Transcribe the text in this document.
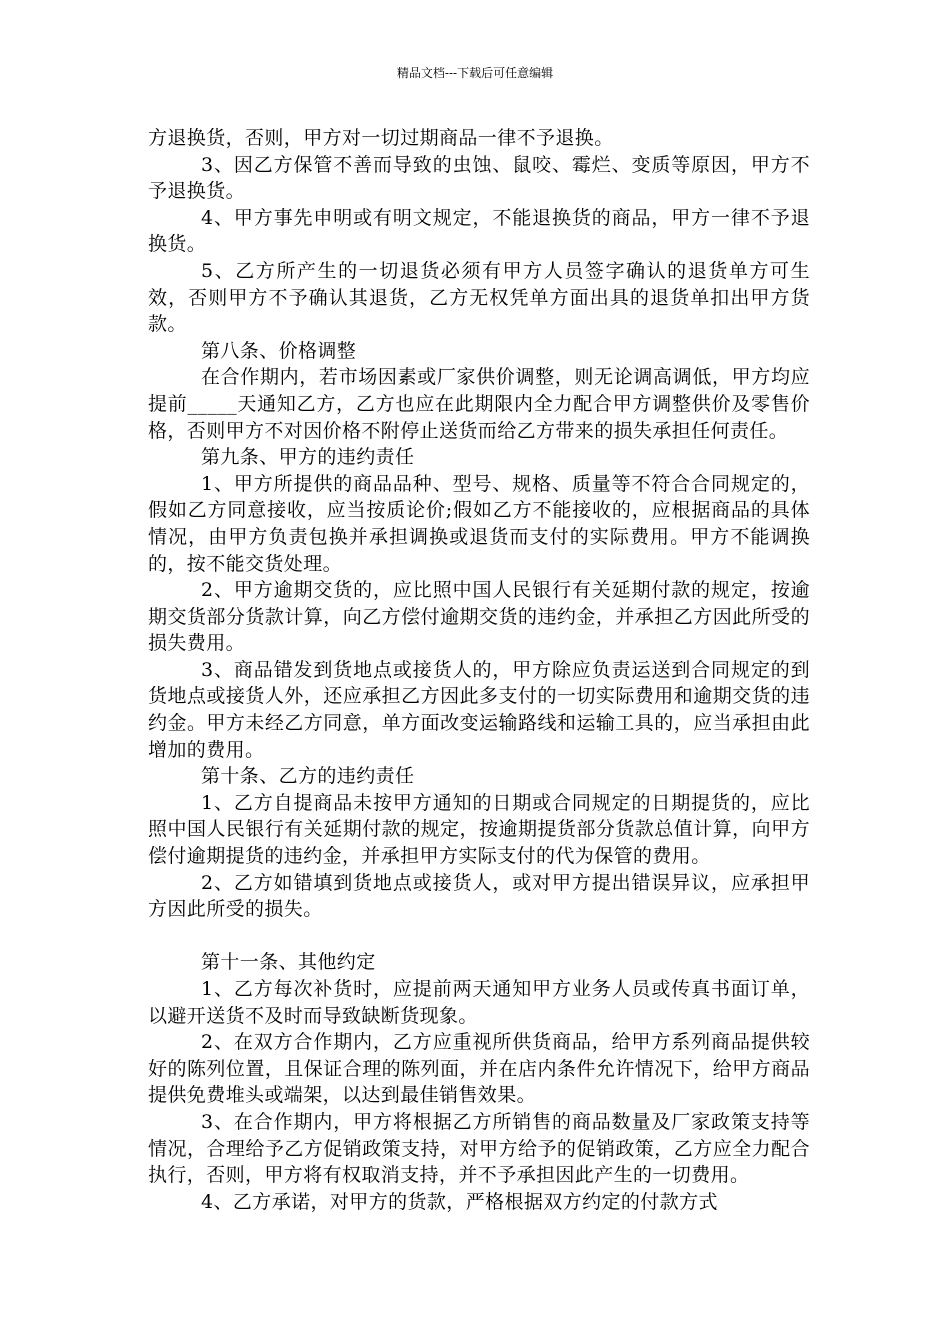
精品文档---下载后可任意编辑

方退换货，否则，甲方对一切过期商品一律不予退换。

3、因乙方保管不善而导致的虫蚀、鼠咬、霉烂、变质等原因，甲方不予退换货。

4、甲方事先申明或有明文规定，不能退换货的商品，甲方一律不予退换货。

5、乙方所产生的一切退货必须有甲方人员签字确认的退货单方可生效，否则甲方不予确认其退货，乙方无权凭单方面出具的退货单扣出甲方货款。

第八条、价格调整

在合作期内，若市场因素或厂家供价调整，则无论调高调低，甲方均应提前_____天通知乙方，乙方也应在此期限内全力配合甲方调整供价及零售价格，否则甲方不对因价格不附停止送货而给乙方带来的损失承担任何责任。

第九条、甲方的违约责任

1、甲方所提供的商品品种、型号、规格、质量等不符合合同规定的，假如乙方同意接收，应当按质论价;假如乙方不能接收的，应根据商品的具体情况，由甲方负责包换并承担调换或退货而支付的实际费用。甲方不能调换的，按不能交货处理。

2、甲方逾期交货的，应比照中国人民银行有关延期付款的规定，按逾期交货部分货款计算，向乙方偿付逾期交货的违约金，并承担乙方因此所受的损失费用。

3、商品错发到货地点或接货人的，甲方除应负责运送到合同规定的到货地点或接货人外，还应承担乙方因此多支付的一切实际费用和逾期交货的违约金。甲方未经乙方同意，单方面改变运输路线和运输工具的，应当承担由此增加的费用。

第十条、乙方的违约责任

1、乙方自提商品未按甲方通知的日期或合同规定的日期提货的，应比照中国人民银行有关延期付款的规定，按逾期提货部分货款总值计算，向甲方偿付逾期提货的违约金，并承担甲方实际支付的代为保管的费用。

2、乙方如错填到货地点或接货人，或对甲方提出错误异议，应承担甲方因此所受的损失。

第十一条、其他约定

1、乙方每次补货时，应提前两天通知甲方业务人员或传真书面订单，以避开送货不及时而导致缺断货现象。

2、在双方合作期内，乙方应重视所供货商品，给甲方系列商品提供较好的陈列位置，且保证合理的陈列面，并在店内条件允许情况下，给甲方商品提供免费堆头或端架，以达到最佳销售效果。

3、在合作期内，甲方将根据乙方所销售的商品数量及厂家政策支持等情况，合理给予乙方促销政策支持，对甲方给予的促销政策，乙方应全力配合执行，否则，甲方将有权取消支持，并不予承担因此产生的一切费用。

4、乙方承诺，对甲方的货款，严格根据双方约定的付款方式
